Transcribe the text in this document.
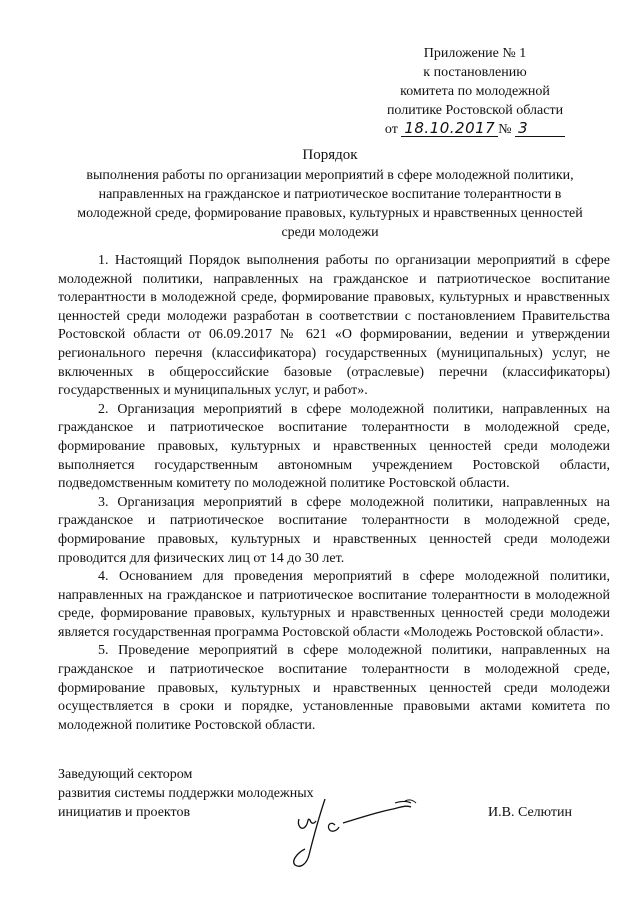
Приложение № 1
к постановлению
комитета по молодежной
политике Ростовской области
от 18.10.2017 № 3
Порядок
выполнения работы по организации мероприятий в сфере молодежной политики,
направленных на гражданское и патриотическое воспитание толерантности в
молодежной среде, формирование правовых, культурных и нравственных ценностей
среди молодежи

1. Настоящий Порядок выполнения работы по организации мероприятий в сфере молодежной политики, направленных на гражданское и патриотическое воспитание толерантности в молодежной среде, формирование правовых, культурных и нравственных ценностей среди молодежи разработан в соответствии с постановлением Правительства Ростовской области от 06.09.2017 № 621 «О формировании, ведении и утверждении регионального перечня (классификатора) государственных (муниципальных) услуг, не включенных в общероссийские базовые (отраслевые) перечни (классификаторы) государственных и муниципальных услуг, и работ».

2. Организация мероприятий в сфере молодежной политики, направленных на гражданское и патриотическое воспитание толерантности в молодежной среде, формирование правовых, культурных и нравственных ценностей среди молодежи выполняется государственным автономным учреждением Ростовской области, подведомственным комитету по молодежной политике Ростовской области.

3. Организация мероприятий в сфере молодежной политики, направленных на гражданское и патриотическое воспитание толерантности в молодежной среде, формирование правовых, культурных и нравственных ценностей среди молодежи проводится для физических лиц от 14 до 30 лет.

4. Основанием для проведения мероприятий в сфере молодежной политики, направленных на гражданское и патриотическое воспитание толерантности в молодежной среде, формирование правовых, культурных и нравственных ценностей среди молодежи является государственная программа Ростовской области «Молодежь Ростовской области».

5. Проведение мероприятий в сфере молодежной политики, направленных на гражданское и патриотическое воспитание толерантности в молодежной среде, формирование правовых, культурных и нравственных ценностей среди молодежи осуществляется в сроки и порядке, установленные правовыми актами комитета по молодежной политике Ростовской области.

Заведующий сектором
развития системы поддержки молодежных
инициатив и проектов	И.В. Селютин
